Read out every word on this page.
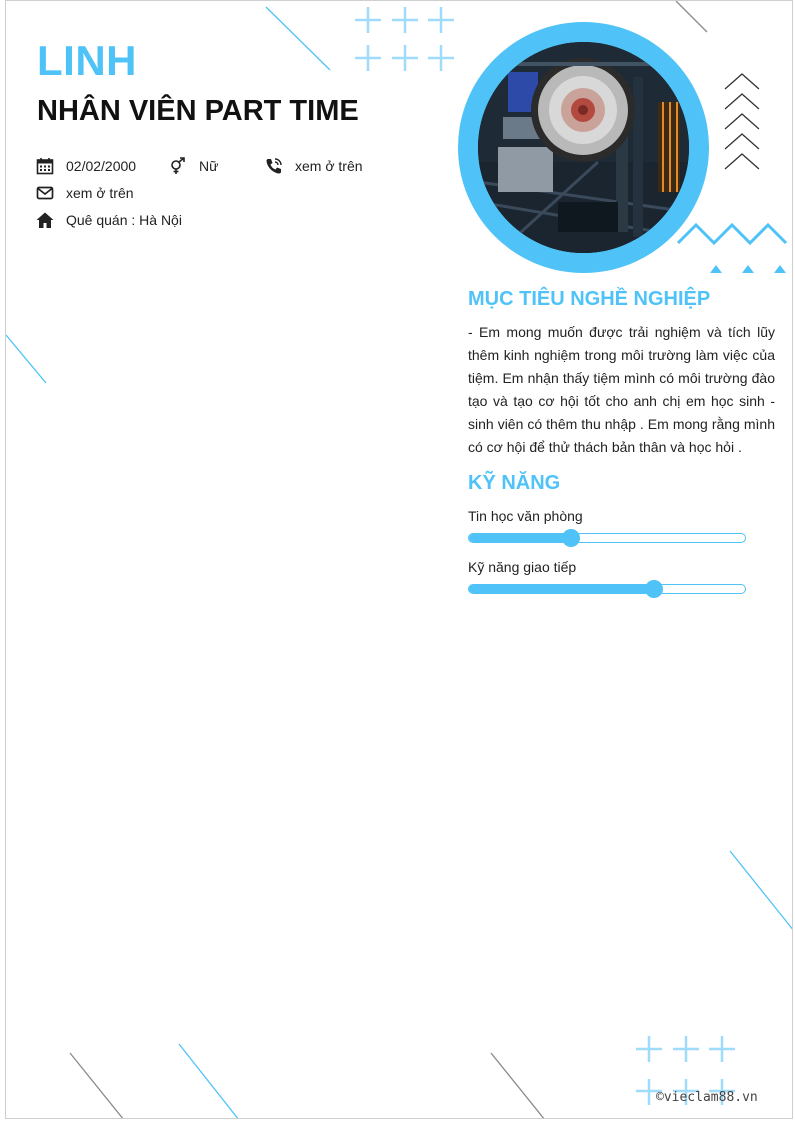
LINH
NHÂN VIÊN PART TIME
02/02/2000	Nữ	xem ở trên
xem ở trên
Quê quán : Hà Nội
MỤC TIÊU NGHỀ NGHIỆP

- Em mong muốn được trải nghiệm và tích lũy thêm kinh nghiệm trong môi trường làm việc của tiệm. Em nhận thấy tiệm mình có môi trường đào tạo và tạo cơ hội tốt cho anh chị em học sinh - sinh viên có thêm thu nhập . Em mong rằng mình có cơ hội để thử thách bản thân và học hỏi .

KỸ NĂNG
Tin học văn phòng
Kỹ năng giao tiếp
©vieclam88.vn
